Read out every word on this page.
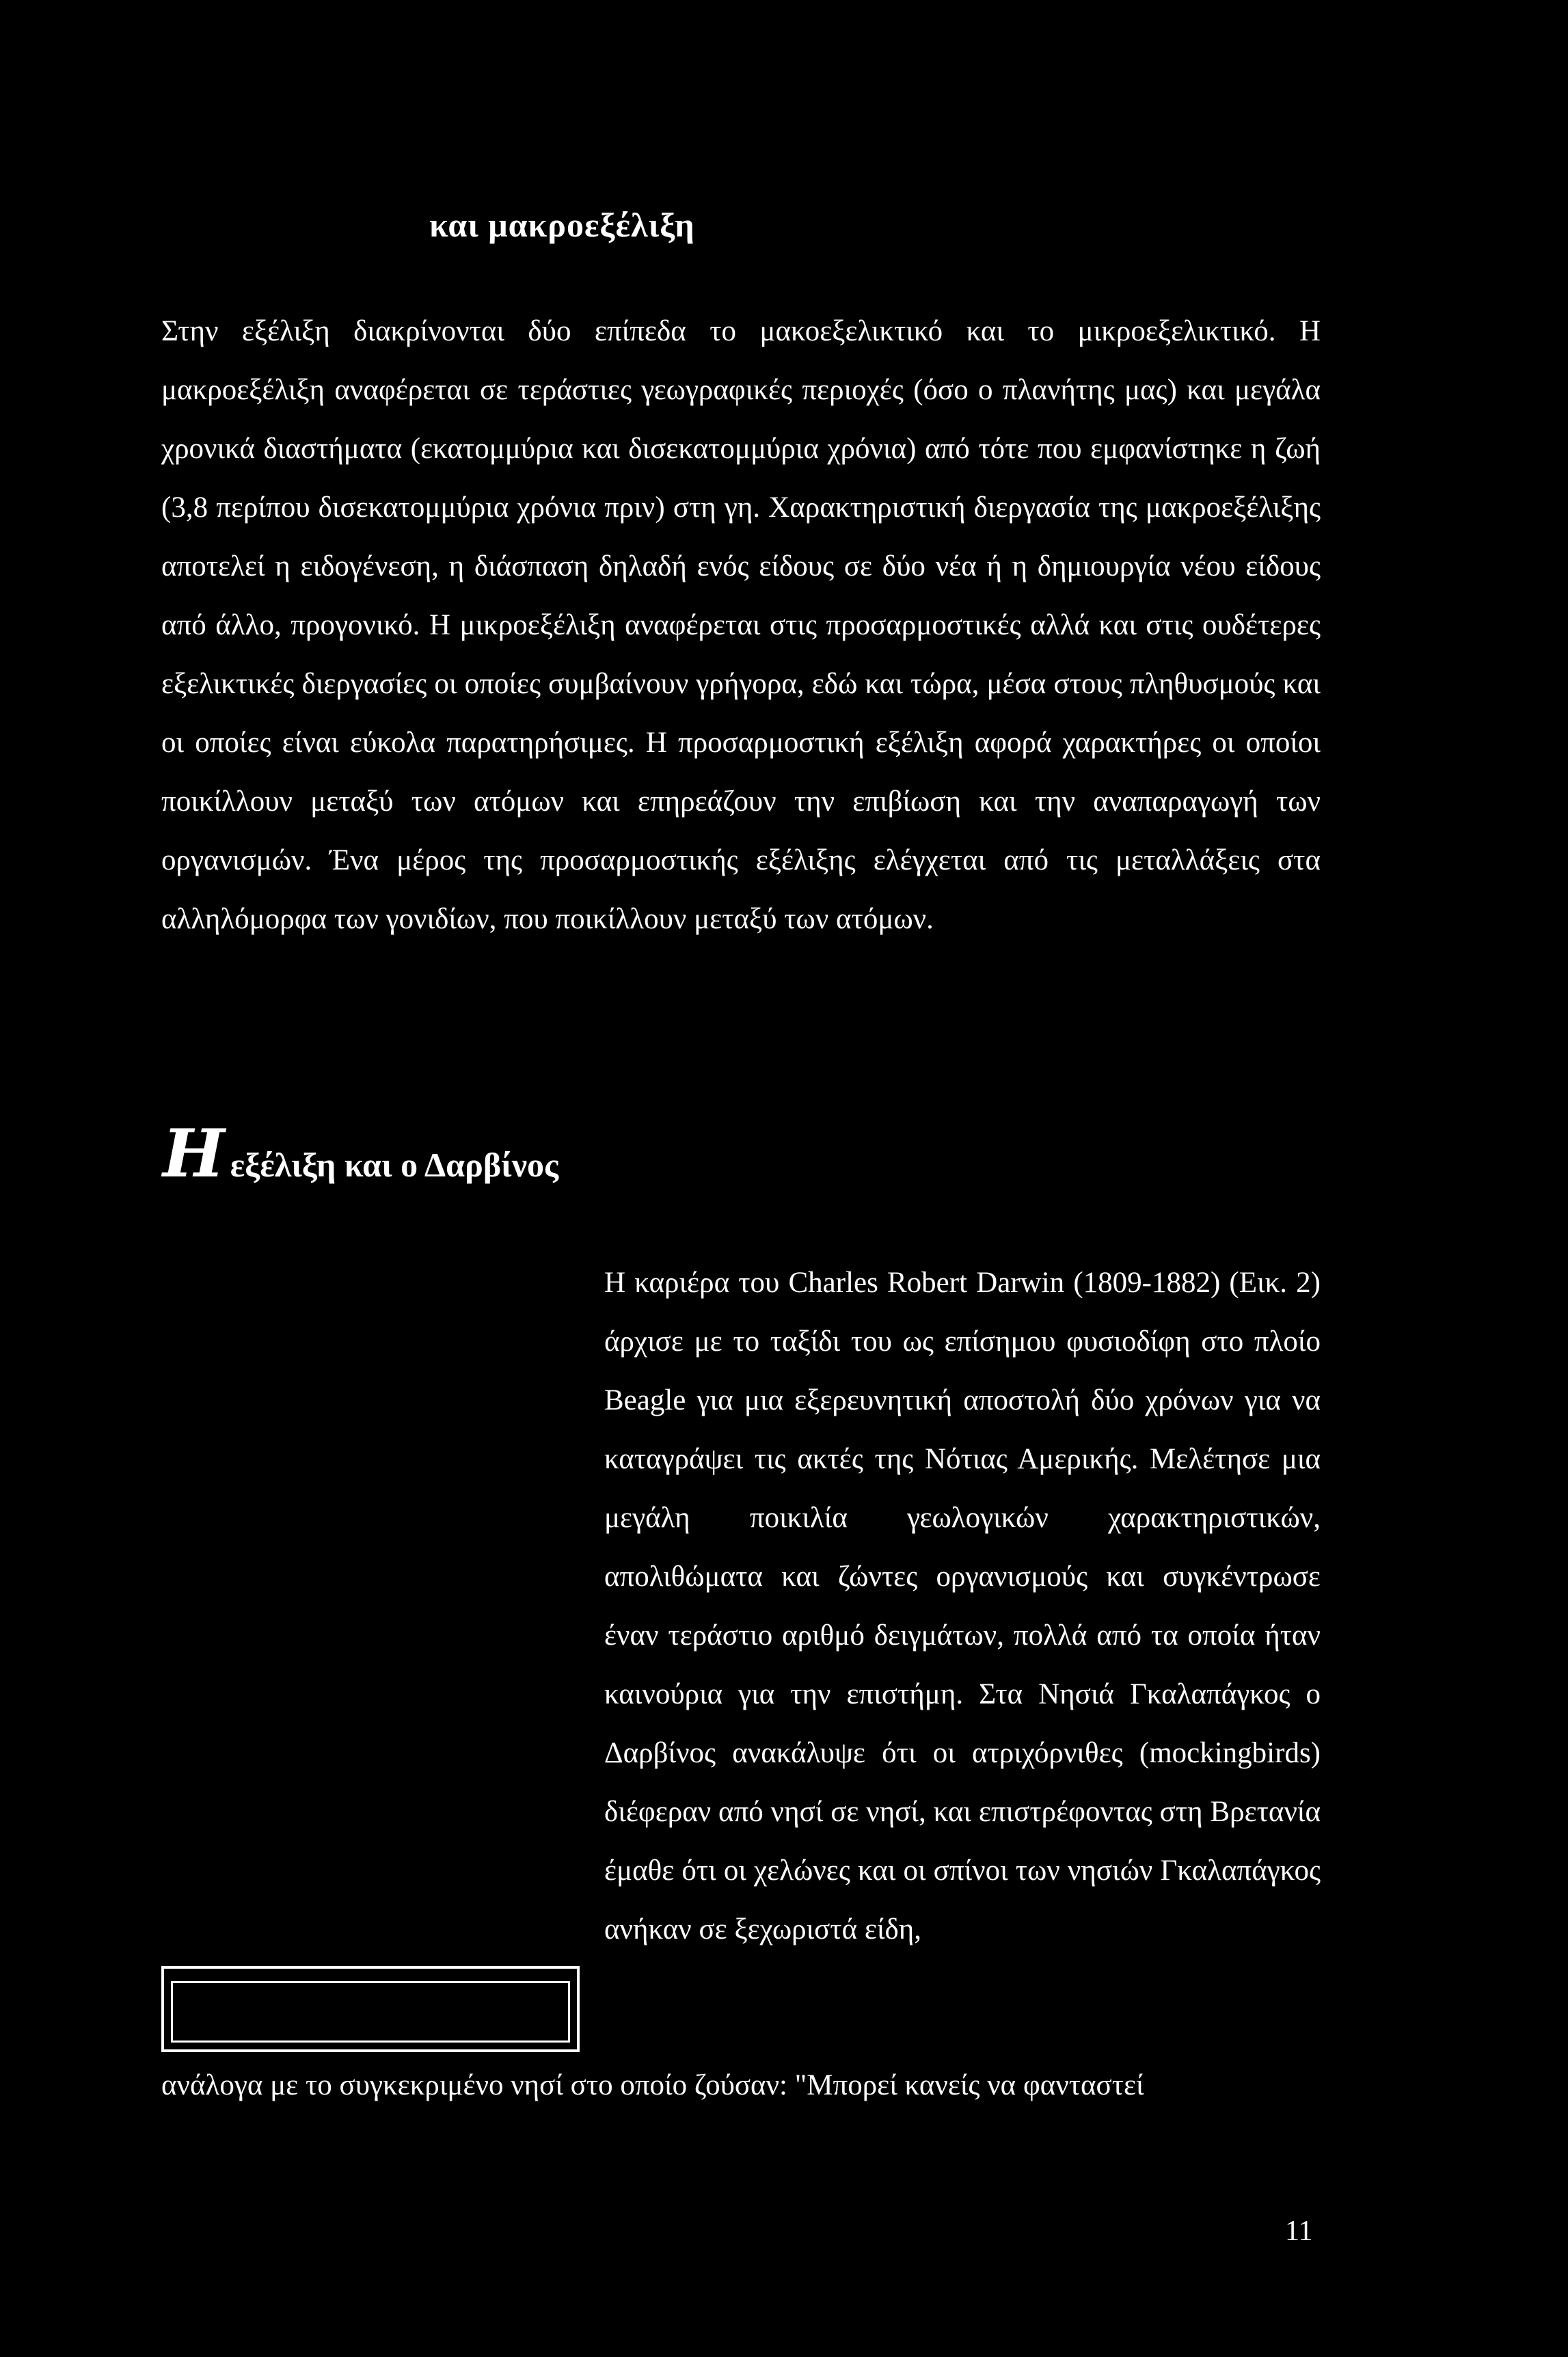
και μακροεξέλιξη

Στην εξέλιξη διακρίνονται δύο επίπεδα το μακοεξελικτικό και το μικροεξελικτικό. Η μακροεξέλιξη αναφέρεται σε τεράστιες γεωγραφικές περιοχές (όσο ο πλανήτης μας) και μεγάλα χρονικά διαστήματα (εκατομμύρια και δισεκατομμύρια χρόνια) από τότε που εμφανίστηκε η ζωή (3,8 περίπου δισεκατομμύρια χρόνια πριν) στη γη. Χαρακτηριστική διεργασία της μακροεξέλιξης αποτελεί η ειδογένεση, η διάσπαση δηλαδή ενός είδους σε δύο νέα ή η δημιουργία νέου είδους από άλλο, προγονικό. Η μικροεξέλιξη αναφέρεται στις προσαρμοστικές αλλά και στις ουδέτερες εξελικτικές διεργασίες οι οποίες συμβαίνουν γρήγορα, εδώ και τώρα, μέσα στους πληθυσμούς και οι οποίες είναι εύκολα παρατηρήσιμες. Η προσαρμοστική εξέλιξη αφορά χαρακτήρες οι οποίοι ποικίλλουν μεταξύ των ατόμων και επηρεάζουν την επιβίωση και την αναπαραγωγή των οργανισμών. Ένα μέρος της προσαρμοστικής εξέλιξης ελέγχεται από τις μεταλλάξεις στα αλληλόμορφα των γονιδίων, που ποικίλλουν μεταξύ των ατόμων.

Η εξέλιξη και ο Δαρβίνος

Η καριέρα του Charles Robert Darwin (1809-1882) (Εικ. 2) άρχισε με το ταξίδι του ως επίσημου φυσιοδίφη στο πλοίο Beagle για μια εξερευνητική αποστολή δύο χρόνων για να καταγράψει τις ακτές της Νότιας Αμερικής. Μελέτησε μια μεγάλη ποικιλία γεωλογικών χαρακτηριστικών, απολιθώματα και ζώντες οργανισμούς και συγκέντρωσε έναν τεράστιο αριθμό δειγμάτων, πολλά από τα οποία ήταν καινούρια για την επιστήμη. Στα Νησιά Γκαλαπάγκος ο Δαρβίνος ανακάλυψε ότι οι ατριχόρνιθες (mockingbirds) διέφεραν από νησί σε νησί, και επιστρέφοντας στη Βρετανία έμαθε ότι οι χελώνες και οι σπίνοι των νησιών Γκαλαπάγκος ανήκαν σε ξεχωριστά είδη,

ανάλογα με το συγκεκριμένο νησί στο οποίο ζούσαν: "Μπορεί κανείς να φανταστεί

11
